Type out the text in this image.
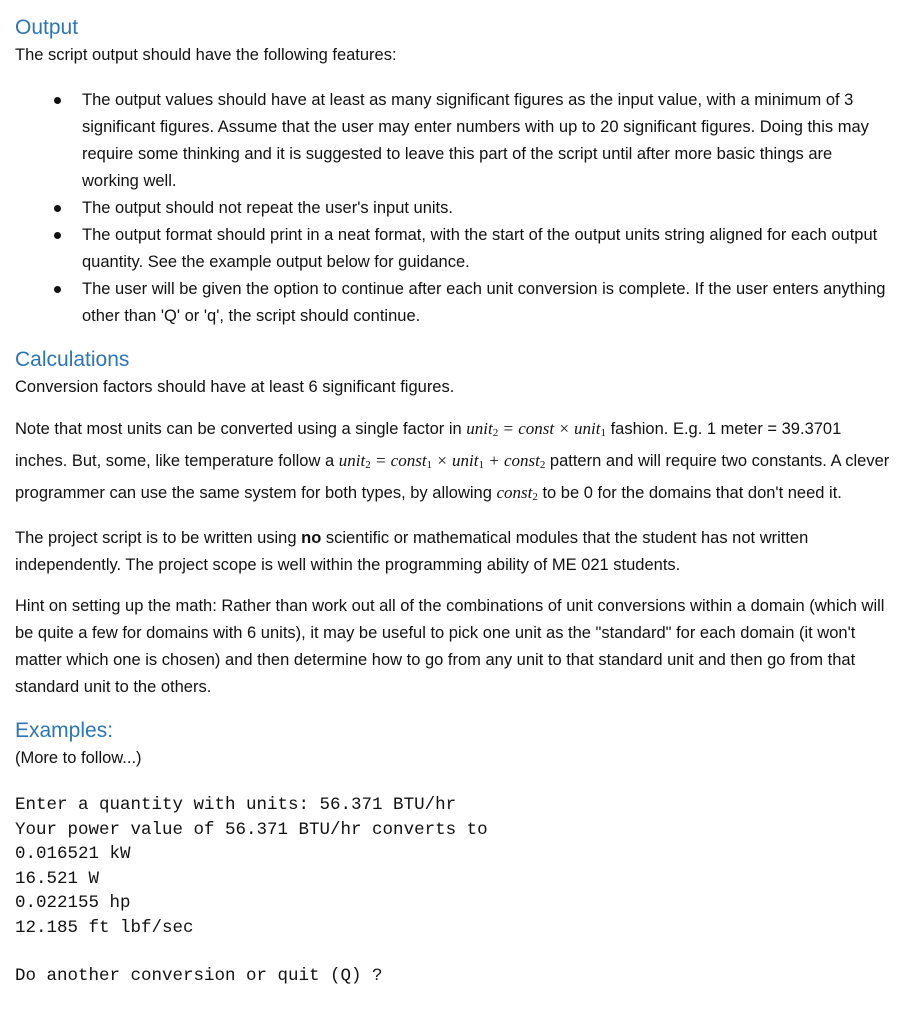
Output

The script output should have the following features:

The output values should have at least as many significant figures as the input value, with a minimum of 3 significant figures. Assume that the user may enter numbers with up to 20 significant figures. Doing this may require some thinking and it is suggested to leave this part of the script until after more basic things are working well.
The output should not repeat the user's input units.
The output format should print in a neat format, with the start of the output units string aligned for each output quantity. See the example output below for guidance.
The user will be given the option to continue after each unit conversion is complete. If the user enters anything other than 'Q' or 'q', the script should continue.
Calculations

Conversion factors should have at least 6 significant figures.

Note that most units can be converted using a single factor in unit$_2$ = const × unit$_1$ fashion. E.g. 1 meter = 39.3701 inches. But, some, like temperature follow a unit$_2$ = const$_1$ × unit$_1$ + const$_2$ pattern and will require two constants. A clever programmer can use the same system for both types, by allowing const$_2$ to be 0 for the domains that don't need it.

The project script is to be written using no scientific or mathematical modules that the student has not written independently. The project scope is well within the programming ability of ME 021 students.

Hint on setting up the math: Rather than work out all of the combinations of unit conversions within a domain (which will be quite a few for domains with 6 units), it may be useful to pick one unit as the "standard" for each domain (it won't matter which one is chosen) and then determine how to go from any unit to that standard unit and then go from that standard unit to the others.

Examples:

(More to follow...)

Enter a quantity with units: 56.371 BTU/hr
Your power value of 56.371 BTU/hr converts to
0.016521 kW
16.521 W
0.022155 hp
12.185 ft lbf/sec
Do another conversion or quit (Q) ?
